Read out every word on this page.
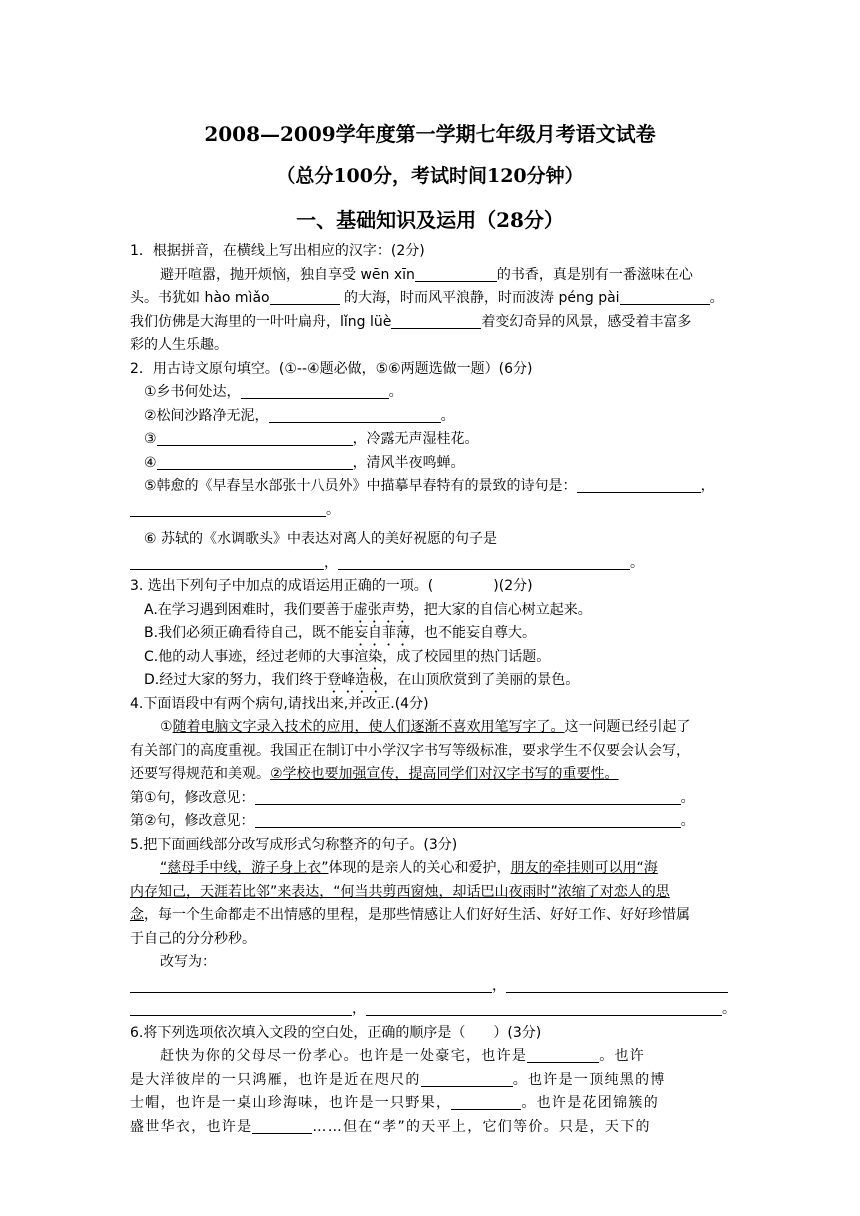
2008—2009学年度第一学期七年级月考语文试卷
（总分100分，考试时间120分钟）
一、基础知识及运用（28分）
1．根据拼音，在横线上写出相应的汉字：(2分)
避开喧嚣，抛开烦恼，独自享受 wēn xīn	的书香，真是别有一番滋味在心
头。书犹如 hào mìǎo	的大海，时而风平浪静，时而波涛 péng pài	。
我们仿佛是大海里的一叶叶扁舟，lǐng lüè	着变幻奇异的风景，感受着丰富多
彩的人生乐趣。
2．用古诗文原句填空。(①--④题必做，⑤⑥两题选做一题）(6分)
①乡书何处达，	。
②松间沙路净无泥，	。
③	，冷露无声湿桂花。
④	，清风半夜鸣蝉。
⑤韩愈的《早春呈水部张十八员外》中描摹早春特有的景致的诗句是：	，
。
⑥ 苏轼的《水调歌头》中表达对离人的美好祝愿的句子是
，	。
3. 选出下列句子中加点的成语运用正确的一项。(	)(2分)
A.在学习遇到困难时，我们要善于虚张声势，把大家的自信心树立起来。
B.我们必须正确看待自己，既不能妄自菲薄，也不能妄自尊大。
C.他的动人事迹，经过老师的大事渲染，成了校园里的热门话题。
D.经过大家的努力，我们终于登峰造极，在山顶欣赏到了美丽的景色。
4.下面语段中有两个病句,请找出来,并改正.(4分)
①随着电脑文字录入技术的应用，使人们逐渐不喜欢用笔写字了。这一问题已经引起了
有关部门的高度重视。我国正在制订中小学汉字书写等级标准，要求学生不仅要会认会写，
还要写得规范和美观。②学校也要加强宣传，提高同学们对汉字书写的重要性。
第①句，修改意见：	。
第②句，修改意见：	。
5.把下面画线部分改写成形式匀称整齐的句子。(3分)
“慈母手中线，游子身上衣”体现的是亲人的关心和爱护，朋友的牵挂则可以用“海
内存知己，天涯若比邻”来表达，“何当共剪西窗烛，却话巴山夜雨时”浓缩了对恋人的思
念，每一个生命都走不出情感的里程，是那些情感让人们好好生活、好好工作、好好珍惜属
于自己的分分秒秒。
改写为：
，
，	。
6.将下列选项依次填入文段的空白处，正确的顺序是（　　）(3分)
赶快为你的父母尽一份孝心。也许是一处豪宅，也许是	。也许
是大洋彼岸的一只鸿雁，也许是近在咫尺的	。也许是一顶纯黑的博
士帽，也许是一桌山珍海味，也许是一只野果，	。也许是花团锦簇的
盛世华衣，也许是	……但在“孝”的天平上，它们等价。只是，天下的
